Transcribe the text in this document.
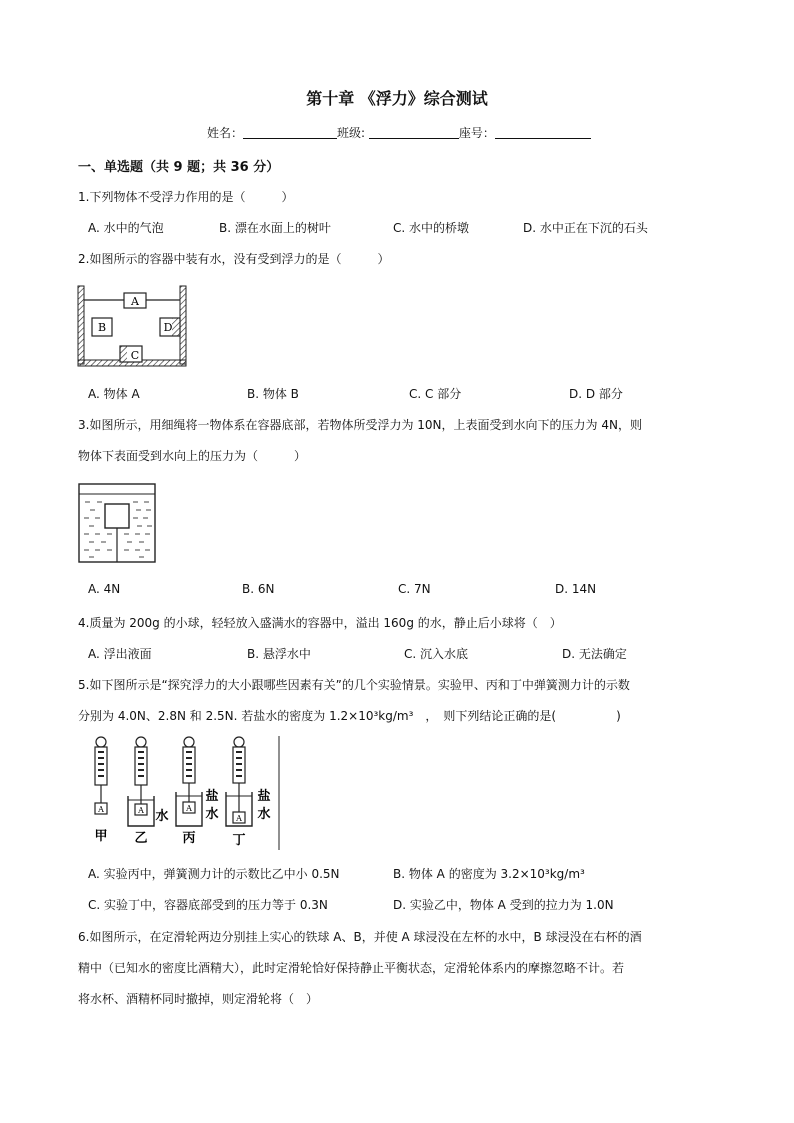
第十章 《浮力》综合测试
姓名：	班级:	座号：
一、单选题（共 9 题；共 36 分）
1.下列物体不受浮力作用的是（　　　）
A. 水中的气泡	B. 漂在水面上的树叶	C. 水中的桥墩	D. 水中正在下沉的石头
2.如图所示的容器中装有水，没有受到浮力的是（　　　）
A
B
C
D
A. 物体 A	B. 物体 B	C. C 部分	D. D 部分
3.如图所示，用细绳将一物体系在容器底部，若物体所受浮力为 10N，上表面受到水向下的压力为 4N，则
物体下表面受到水向上的压力为（　　　）
A. 4N	B. 6N	C. 7N	D. 14N
4.质量为 200g 的小球，轻轻放入盛满水的容器中，溢出 160g 的水，静止后小球将（　）
A. 浮出液面	B. 悬浮水中	C. 沉入水底	D. 无法确定
5.如下图所示是“探究浮力的大小跟哪些因素有关”的几个实验情景。实验甲、丙和丁中弹簧测力计的示数
分别为 4.0N、2.8N 和 2.5N. 若盐水的密度为 1.2×10³kg/m³　，　则下列结论正确的是(　　　　　)
A
甲
A 水
乙
A
盐
水
丙
A
盐
水
丁
A. 实验丙中，弹簧测力计的示数比乙中小 0.5N	B. 物体 A 的密度为 3.2×10³kg/m³
C. 实验丁中，容器底部受到的压力等于 0.3N	D. 实验乙中，物体 A 受到的拉力为 1.0N
6.如图所示，在定滑轮两边分别挂上实心的铁球 A、B，并使 A 球浸没在左杯的水中，B 球浸没在右杯的酒
精中（已知水的密度比酒精大），此时定滑轮恰好保持静止平衡状态，定滑轮体系内的摩擦忽略不计。若
将水杯、酒精杯同时撤掉，则定滑轮将（　）
